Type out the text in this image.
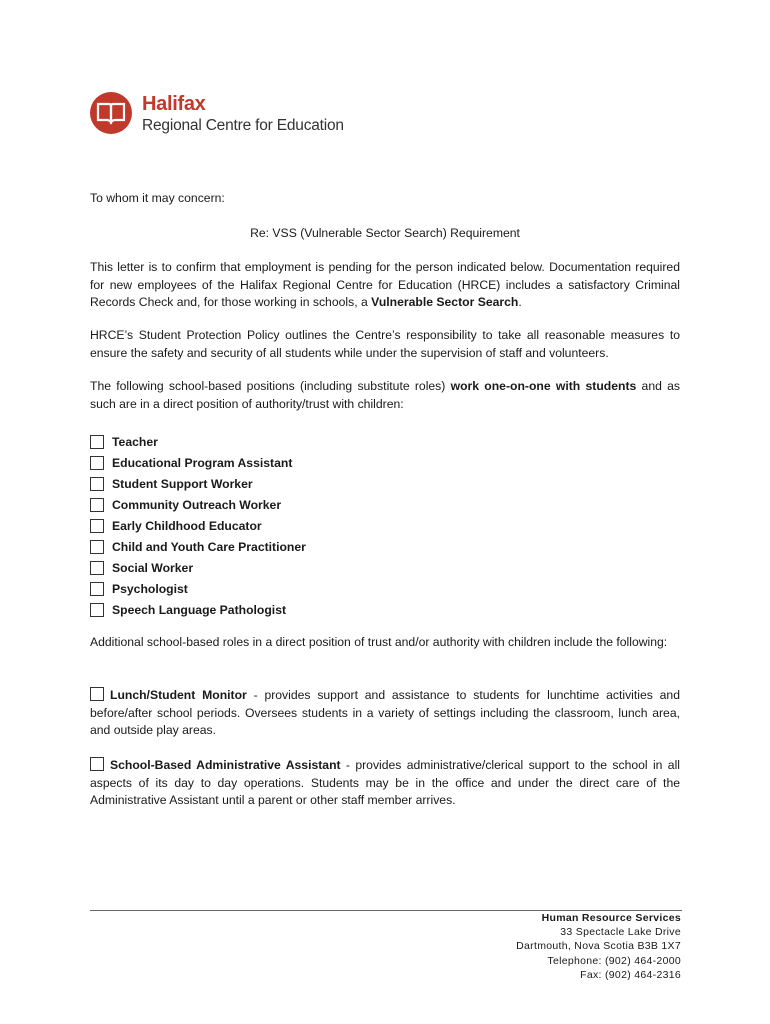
Halifax
Regional Centre for Education
To whom it may concern:
Re: VSS (Vulnerable Sector Search) Requirement
This letter is to confirm that employment is pending for the person indicated below. Documentation required for new employees of the Halifax Regional Centre for Education (HRCE) includes a satisfactory Criminal Records Check and, for those working in schools, a Vulnerable Sector Search.
HRCE’s Student Protection Policy outlines the Centre’s responsibility to take all reasonable measures to ensure the safety and security of all students while under the supervision of staff and volunteers.
The following school-based positions (including substitute roles) work one-on-one with students and as such are in a direct position of authority/trust with children:
Teacher
Educational Program Assistant
Student Support Worker
Community Outreach Worker
Early Childhood Educator
Child and Youth Care Practitioner
Social Worker
Psychologist
Speech Language Pathologist
Additional school-based roles in a direct position of trust and/or authority with children include the following:
Lunch/Student Monitor - provides support and assistance to students for lunchtime activities and before/after school periods. Oversees students in a variety of settings including the classroom, lunch area, and outside play areas.
School-Based Administrative Assistant - provides administrative/clerical support to the school in all aspects of its day to day operations. Students may be in the office and under the direct care of the Administrative Assistant until a parent or other staff member arrives.
Human Resource Services
33 Spectacle Lake Drive
Dartmouth, Nova Scotia B3B 1X7
Telephone: (902) 464-2000
Fax: (902) 464-2316
